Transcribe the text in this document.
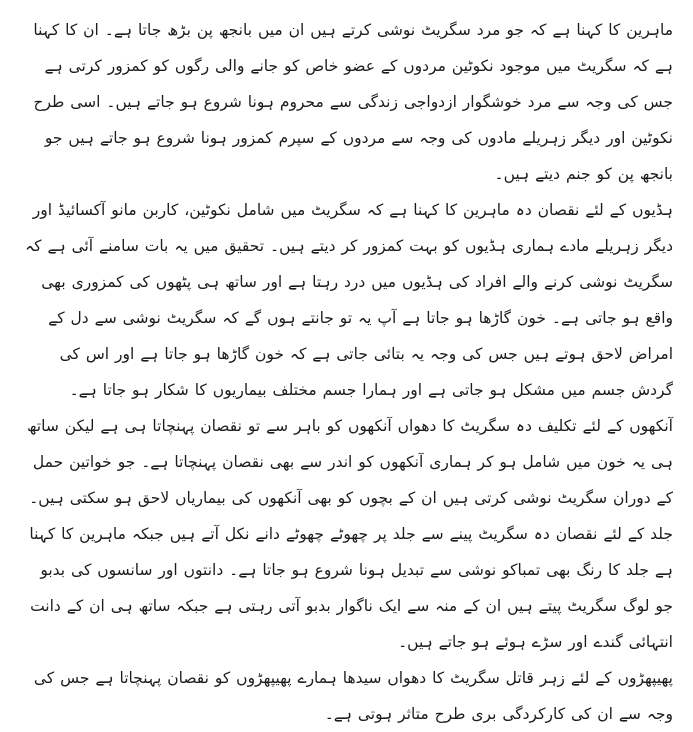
ماہرین کا کہنا ہے کہ جو مرد سگریٹ نوشی کرتے ہیں ان میں بانجھ پن بڑھ جاتا ہے۔ ان کا کہنا ہے کہ سگریٹ میں موجود نکوٹین مردوں کے عضو خاص کو جانے والی رگوں کو کمزور کرتی ہے جس کی وجہ سے مرد خوشگوار ازدواجی زندگی سے محروم ہونا شروع ہو جاتے ہیں۔ اسی طرح نکوٹین اور دیگر زہریلے مادوں کی وجہ سے مردوں کے سپرم کمزور ہونا شروع ہو جاتے ہیں جو بانجھ پن کو جنم دیتے ہیں۔

ہڈیوں کے لئے نقصان دہ ماہرین کا کہنا ہے کہ سگریٹ میں شامل نکوٹین، کاربن مانو آکسائیڈ اور دیگر زہریلے مادے ہماری ہڈیوں کو بہت کمزور کر دیتے ہیں۔ تحقیق میں یہ بات سامنے آئی ہے کہ سگریٹ نوشی کرنے والے افراد کی ہڈیوں میں درد رہتا ہے اور ساتھ ہی پٹھوں کی کمزوری بھی واقع ہو جاتی ہے۔ خون گاڑھا ہو جاتا ہے آپ یہ تو جانتے ہوں گے کہ سگریٹ نوشی سے دل کے امراض لاحق ہوتے ہیں جس کی وجہ یہ بتائی جاتی ہے کہ خون گاڑھا ہو جاتا ہے اور اس کی گردش جسم میں مشکل ہو جاتی ہے اور ہمارا جسم مختلف بیماریوں کا شکار ہو جاتا ہے۔ آنکھوں کے لئے تکلیف دہ سگریٹ کا دھواں آنکھوں کو باہر سے تو نقصان پہنچاتا ہی ہے لیکن ساتھ ہی یہ خون میں شامل ہو کر ہماری آنکھوں کو اندر سے بھی نقصان پہنچاتا ہے۔ جو خواتین حمل کے دوران سگریٹ نوشی کرتی ہیں ان کے بچوں کو بھی آنکھوں کی بیماریاں لاحق ہو سکتی ہیں۔ جلد کے لئے نقصان دہ سگریٹ پینے سے جلد پر چھوٹے چھوٹے دانے نکل آتے ہیں جبکہ ماہرین کا کہنا ہے جلد کا رنگ بھی تمباکو نوشی سے تبدیل ہونا شروع ہو جاتا ہے۔ دانتوں اور سانسوں کی بدبو جو لوگ سگریٹ پیتے ہیں ان کے منہ سے ایک ناگوار بدبو آتی رہتی ہے جبکہ ساتھ ہی ان کے دانت انتہائی گندے اور سڑے ہوئے ہو جاتے ہیں۔

پھیپھڑوں کے لئے زہر قاتل سگریٹ کا دھواں سیدھا ہمارے پھیپھڑوں کو نقصان پہنچاتا ہے جس کی وجہ سے ان کی کارکردگی بری طرح متاثر ہوتی ہے۔
